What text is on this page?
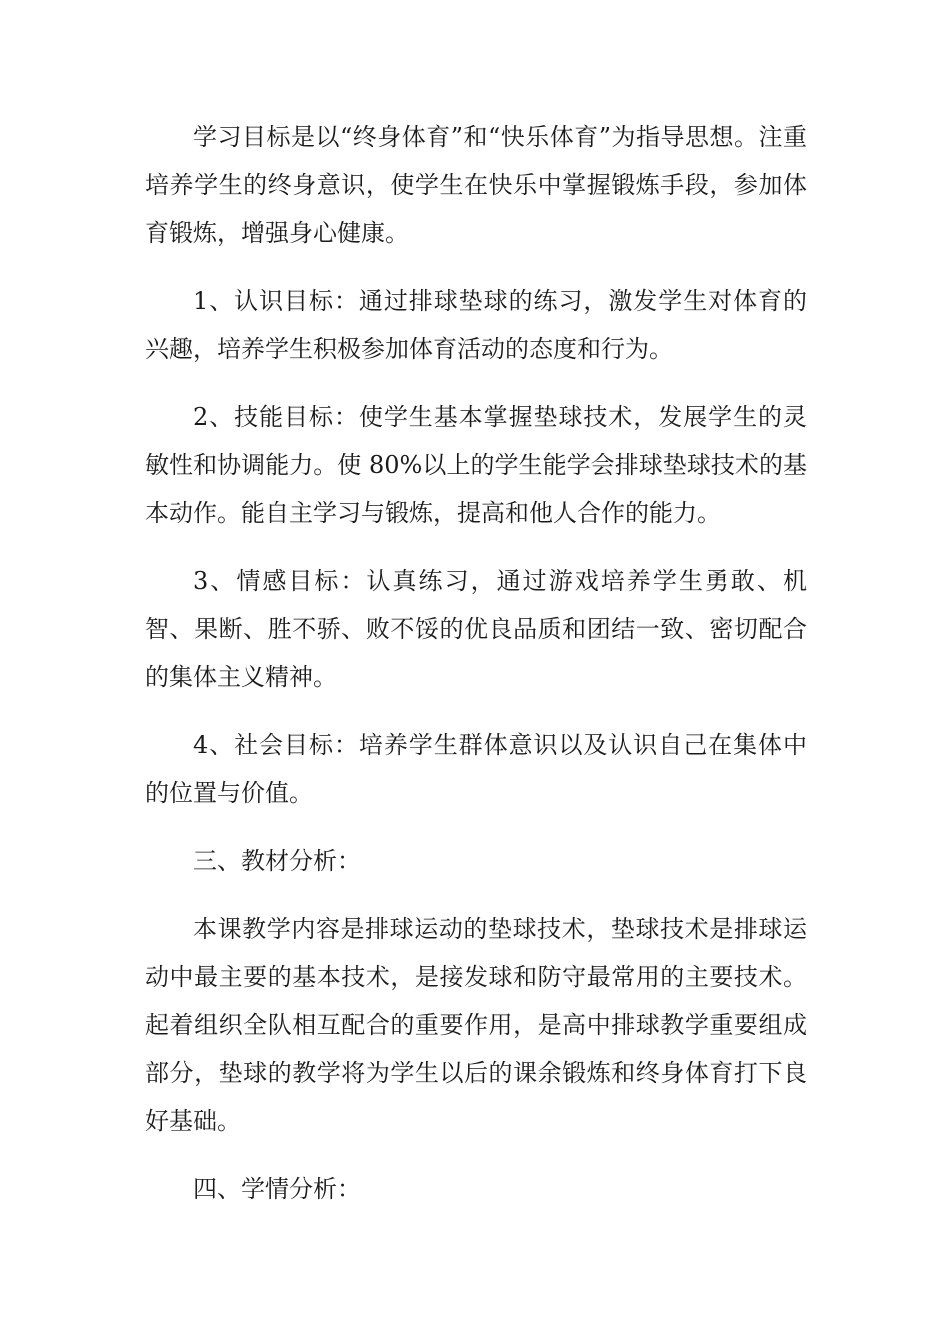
学习目标是以“终身体育”和“快乐体育”为指导思想。注重培养学生的终身意识，使学生在快乐中掌握锻炼手段，参加体育锻炼，增强身心健康。

1、认识目标：通过排球垫球的练习，激发学生对体育的兴趣，培养学生积极参加体育活动的态度和行为。

2、技能目标：使学生基本掌握垫球技术，发展学生的灵敏性和协调能力。使 80%以上的学生能学会排球垫球技术的基本动作。能自主学习与锻炼，提高和他人合作的能力。

3、情感目标：认真练习，通过游戏培养学生勇敢、机智、果断、胜不骄、败不馁的优良品质和团结一致、密切配合的集体主义精神。

4、社会目标：培养学生群体意识以及认识自己在集体中的位置与价值。

三、教材分析：

本课教学内容是排球运动的垫球技术，垫球技术是排球运动中最主要的基本技术，是接发球和防守最常用的主要技术。起着组织全队相互配合的重要作用，是高中排球教学重要组成部分，垫球的教学将为学生以后的课余锻炼和终身体育打下良好基础。

四、学情分析：
